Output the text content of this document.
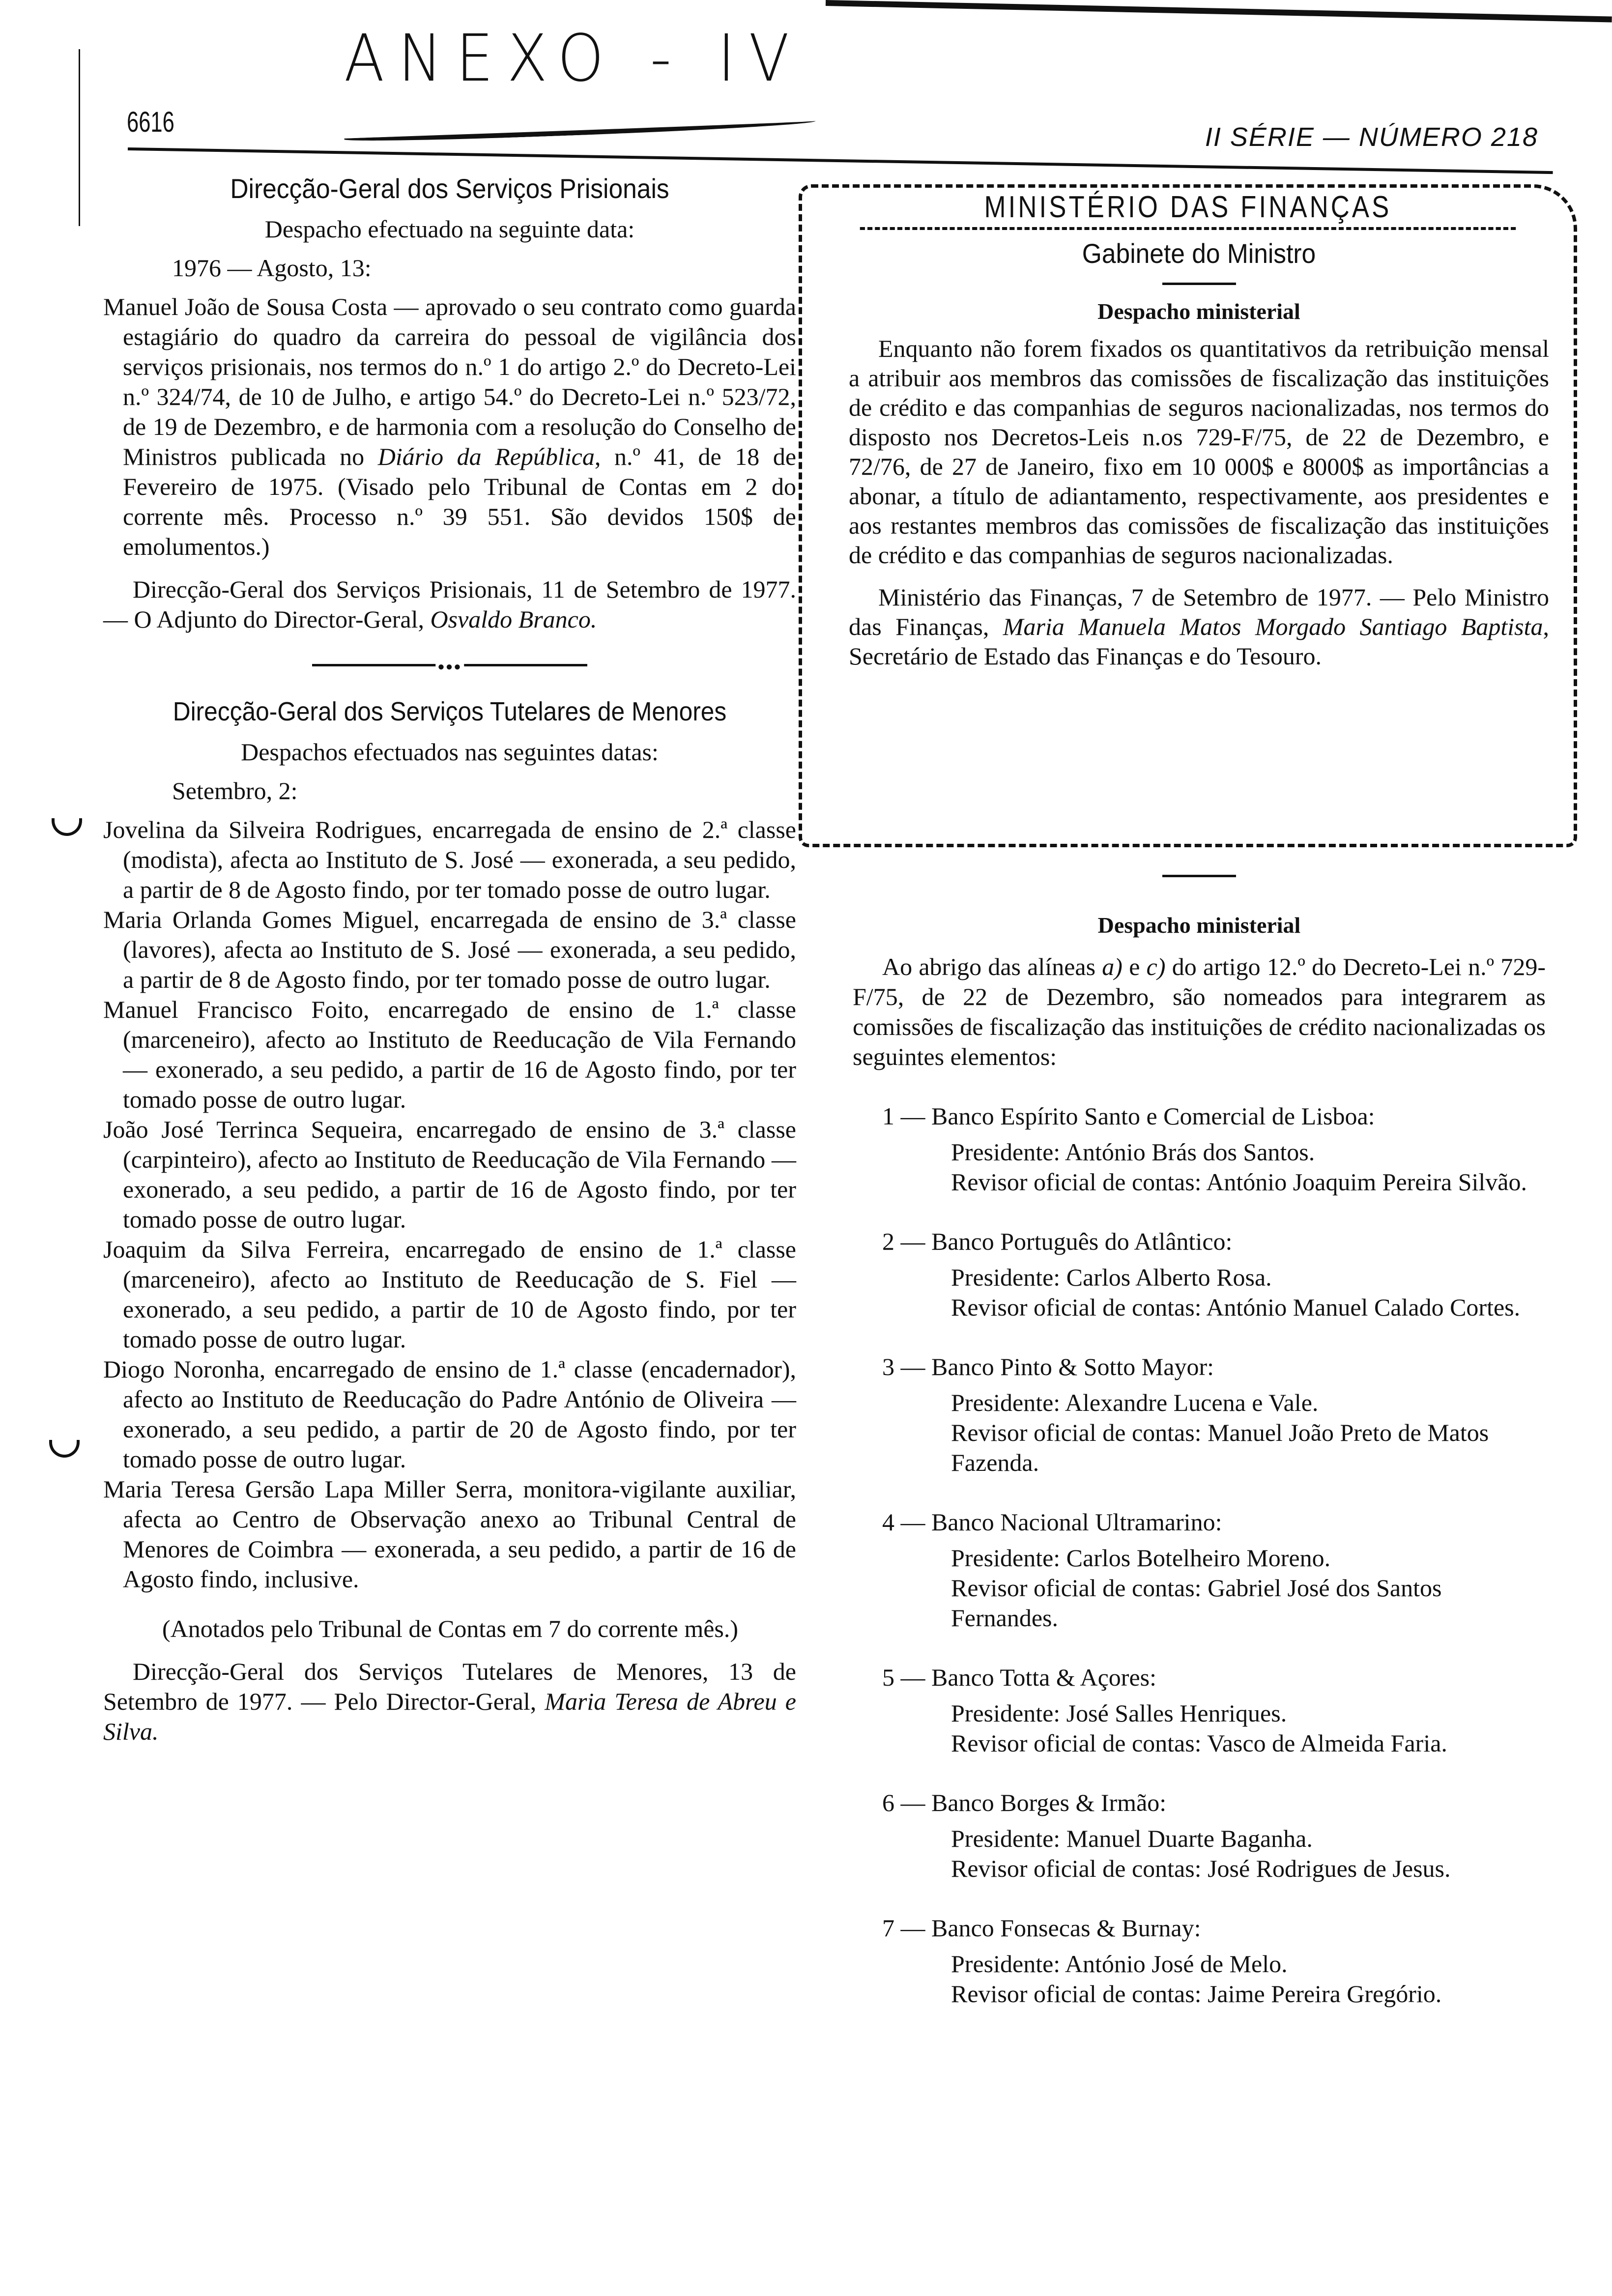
ANEXO - IV
6616	II SÉRIE — NÚMERO 218
Direcção-Geral dos Serviços Prisionais
Despacho efectuado na seguinte data:
1976 — Agosto, 13:

Manuel João de Sousa Costa — aprovado o seu contrato como guarda estagiário do quadro da carreira do pessoal de vigilância dos serviços prisionais, nos termos do n.º 1 do artigo 2.º do Decreto-Lei n.º 324/74, de 10 de Julho, e artigo 54.º do Decreto-Lei n.º 523/72, de 19 de Dezembro, e de harmonia com a resolução do Conselho de Ministros publicada no Diário da República, n.º 41, de 18 de Fevereiro de 1975. (Visado pelo Tribunal de Contas em 2 do corrente mês. Processo n.º 39 551. São devidos 150$ de emolumentos.)

Direcção-Geral dos Serviços Prisionais, 11 de Setembro de 1977. — O Adjunto do Director-Geral, Osvaldo Branco.

●●●
Direcção-Geral dos Serviços Tutelares de Menores
Despachos efectuados nas seguintes datas:
Setembro, 2:

Jovelina da Silveira Rodrigues, encarregada de ensino de 2.ª classe (modista), afecta ao Instituto de S. José — exonerada, a seu pedido, a partir de 8 de Agosto findo, por ter tomado posse de outro lugar.

Maria Orlanda Gomes Miguel, encarregada de ensino de 3.ª classe (lavores), afecta ao Instituto de S. José — exonerada, a seu pedido, a partir de 8 de Agosto findo, por ter tomado posse de outro lugar.

Manuel Francisco Foito, encarregado de ensino de 1.ª classe (marceneiro), afecto ao Instituto de Reeducação de Vila Fernando — exonerado, a seu pedido, a partir de 16 de Agosto findo, por ter tomado posse de outro lugar.

João José Terrinca Sequeira, encarregado de ensino de 3.ª classe (carpinteiro), afecto ao Instituto de Reeducação de Vila Fernando — exonerado, a seu pedido, a partir de 16 de Agosto findo, por ter tomado posse de outro lugar.

Joaquim da Silva Ferreira, encarregado de ensino de 1.ª classe (marceneiro), afecto ao Instituto de Reeducação de S. Fiel — exonerado, a seu pedido, a partir de 10 de Agosto findo, por ter tomado posse de outro lugar.

Diogo Noronha, encarregado de ensino de 1.ª classe (encadernador), afecto ao Instituto de Reeducação do Padre António de Oliveira — exonerado, a seu pedido, a partir de 20 de Agosto findo, por ter tomado posse de outro lugar.

Maria Teresa Gersão Lapa Miller Serra, monitora-vigilante auxiliar, afecta ao Centro de Observação anexo ao Tribunal Central de Menores de Coimbra — exonerada, a seu pedido, a partir de 16 de Agosto findo, inclusive.

(Anotados pelo Tribunal de Contas em 7 do corrente mês.)

Direcção-Geral dos Serviços Tutelares de Menores, 13 de Setembro de 1977. — Pelo Director-Geral, Maria Teresa de Abreu e Silva.

MINISTÉRIO DAS FINANÇAS
Gabinete do Ministro
Despacho ministerial

Enquanto não forem fixados os quantitativos da retribuição mensal a atribuir aos membros das comissões de fiscalização das instituições de crédito e das companhias de seguros nacionalizadas, nos termos do disposto nos Decretos-Leis n.os 729-F/75, de 22 de Dezembro, e 72/76, de 27 de Janeiro, fixo em 10 000$ e 8000$ as importâncias a abonar, a título de adiantamento, respectivamente, aos presidentes e aos restantes membros das comissões de fiscalização das instituições de crédito e das companhias de seguros nacionalizadas.

Ministério das Finanças, 7 de Setembro de 1977. — Pelo Ministro das Finanças, Maria Manuela Matos Morgado Santiago Baptista, Secretário de Estado das Finanças e do Tesouro.

Despacho ministerial

Ao abrigo das alíneas a) e c) do artigo 12.º do Decreto-Lei n.º 729-F/75, de 22 de Dezembro, são nomeados para integrarem as comissões de fiscalização das instituições de crédito nacionalizadas os seguintes elementos:

1 — Banco Espírito Santo e Comercial de Lisboa:
Presidente: António Brás dos Santos.
Revisor oficial de contas: António Joaquim Pereira Silvão.
2 — Banco Português do Atlântico:
Presidente: Carlos Alberto Rosa.
Revisor oficial de contas: António Manuel Calado Cortes.
3 — Banco Pinto & Sotto Mayor:
Presidente: Alexandre Lucena e Vale.
Revisor oficial de contas: Manuel João Preto de Matos Fazenda.
4 — Banco Nacional Ultramarino:
Presidente: Carlos Botelheiro Moreno.
Revisor oficial de contas: Gabriel José dos Santos Fernandes.
5 — Banco Totta & Açores:
Presidente: José Salles Henriques.
Revisor oficial de contas: Vasco de Almeida Faria.
6 — Banco Borges & Irmão:
Presidente: Manuel Duarte Baganha.
Revisor oficial de contas: José Rodrigues de Jesus.
7 — Banco Fonsecas & Burnay:
Presidente: António José de Melo.
Revisor oficial de contas: Jaime Pereira Gregório.
